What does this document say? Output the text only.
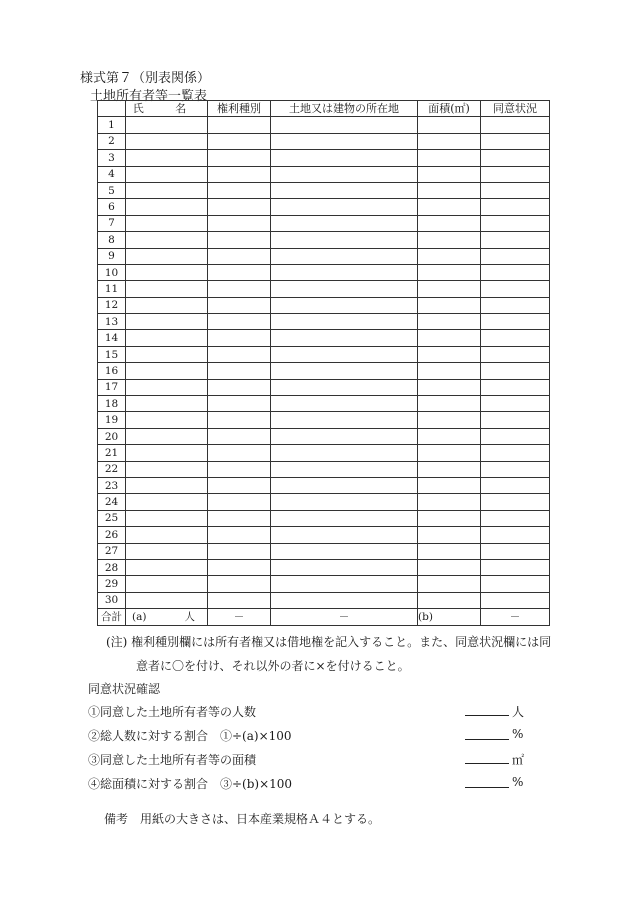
様式第７（別表関係）
土地所有者等一覧表
	氏 名	権利種別	土地又は建物の所在地	面積(㎡)	同意状況
1					
2					
3					
4					
5					
6					
7					
8					
9					
10					
11					
12					
13					
14					
15					
16					
17					
18					
19					
20					
21					
22					
23					
24					
25					
26					
27					
28					
29					
30					
合計	(a) 人	－	－	(b)	－
(注) 権利種別欄には所有者権又は借地権を記入すること。また、同意状況欄には同
意者に〇を付け、それ以外の者に×を付けること。
同意状況確認
①同意した土地所有者等の人数	人
②総人数に対する割合　①÷(a)×100	%
③同意した土地所有者等の面積	㎡
④総面積に対する割合　③÷(b)×100	%
備考　用紙の大きさは、日本産業規格Ａ４とする。
